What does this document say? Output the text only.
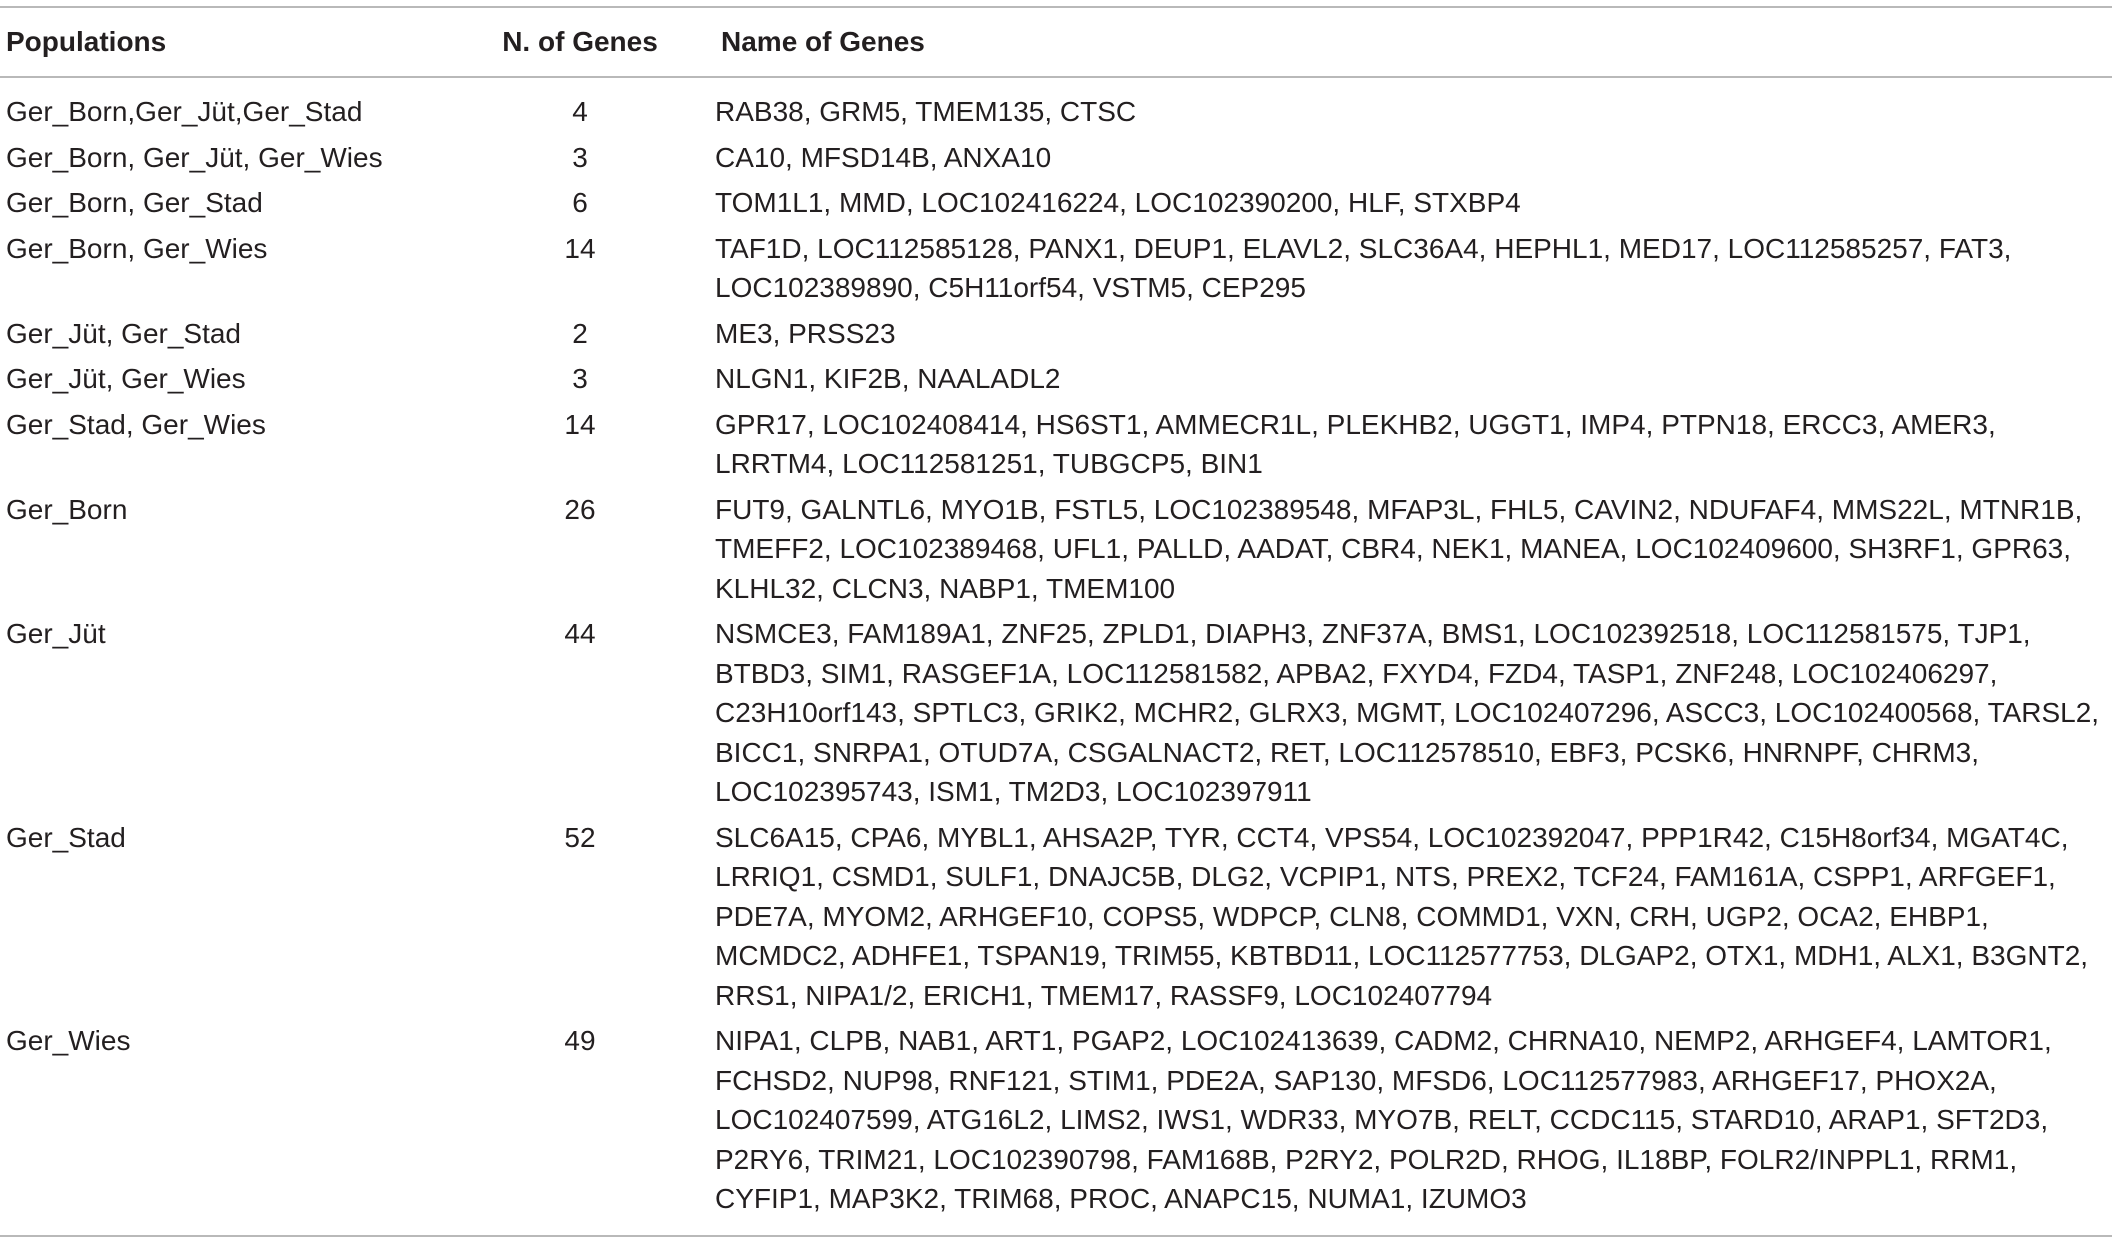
Populations	N. of Genes	Name of Genes
Ger_Born,Ger_Jüt,Ger_Stad	4	RAB38, GRM5, TMEM135, CTSC
Ger_Born, Ger_Jüt, Ger_Wies	3	CA10, MFSD14B, ANXA10
Ger_Born, Ger_Stad	6	TOM1L1, MMD, LOC102416224, LOC102390200, HLF, STXBP4
Ger_Born, Ger_Wies	14	TAF1D, LOC112585128, PANX1, DEUP1, ELAVL2, SLC36A4, HEPHL1, MED17, LOC112585257, FAT3, LOC102389890, C5H11orf54, VSTM5, CEP295
Ger_Jüt, Ger_Stad	2	ME3, PRSS23
Ger_Jüt, Ger_Wies	3	NLGN1, KIF2B, NAALADL2
Ger_Stad, Ger_Wies	14	GPR17, LOC102408414, HS6ST1, AMMECR1L, PLEKHB2, UGGT1, IMP4, PTPN18, ERCC3, AMER3, LRRTM4, LOC112581251, TUBGCP5, BIN1
Ger_Born	26	FUT9, GALNTL6, MYO1B, FSTL5, LOC102389548, MFAP3L, FHL5, CAVIN2, NDUFAF4, MMS22L, MTNR1B, TMEFF2, LOC102389468, UFL1, PALLD, AADAT, CBR4, NEK1, MANEA, LOC102409600, SH3RF1, GPR63, KLHL32, CLCN3, NABP1, TMEM100
Ger_Jüt	44	NSMCE3, FAM189A1, ZNF25, ZPLD1, DIAPH3, ZNF37A, BMS1, LOC102392518, LOC112581575, TJP1, BTBD3, SIM1, RASGEF1A, LOC112581582, APBA2, FXYD4, FZD4, TASP1, ZNF248, LOC102406297, C23H10orf143, SPTLC3, GRIK2, MCHR2, GLRX3, MGMT, LOC102407296, ASCC3, LOC102400568, TARSL2, BICC1, SNRPA1, OTUD7A, CSGALNACT2, RET, LOC112578510, EBF3, PCSK6, HNRNPF, CHRM3, LOC102395743, ISM1, TM2D3, LOC102397911
Ger_Stad	52	SLC6A15, CPA6, MYBL1, AHSA2P, TYR, CCT4, VPS54, LOC102392047, PPP1R42, C15H8orf34, MGAT4C, LRRIQ1, CSMD1, SULF1, DNAJC5B, DLG2, VCPIP1, NTS, PREX2, TCF24, FAM161A, CSPP1, ARFGEF1, PDE7A, MYOM2, ARHGEF10, COPS5, WDPCP, CLN8, COMMD1, VXN, CRH, UGP2, OCA2, EHBP1, MCMDC2, ADHFE1, TSPAN19, TRIM55, KBTBD11, LOC112577753, DLGAP2, OTX1, MDH1, ALX1, B3GNT2, RRS1, NIPA1/2, ERICH1, TMEM17, RASSF9, LOC102407794
Ger_Wies	49	NIPA1, CLPB, NAB1, ART1, PGAP2, LOC102413639, CADM2, CHRNA10, NEMP2, ARHGEF4, LAMTOR1, FCHSD2, NUP98, RNF121, STIM1, PDE2A, SAP130, MFSD6, LOC112577983, ARHGEF17, PHOX2A, LOC102407599, ATG16L2, LIMS2, IWS1, WDR33, MYO7B, RELT, CCDC115, STARD10, ARAP1, SFT2D3, P2RY6, TRIM21, LOC102390798, FAM168B, P2RY2, POLR2D, RHOG, IL18BP, FOLR2/INPPL1, RRM1, CYFIP1, MAP3K2, TRIM68, PROC, ANAPC15, NUMA1, IZUMO3
